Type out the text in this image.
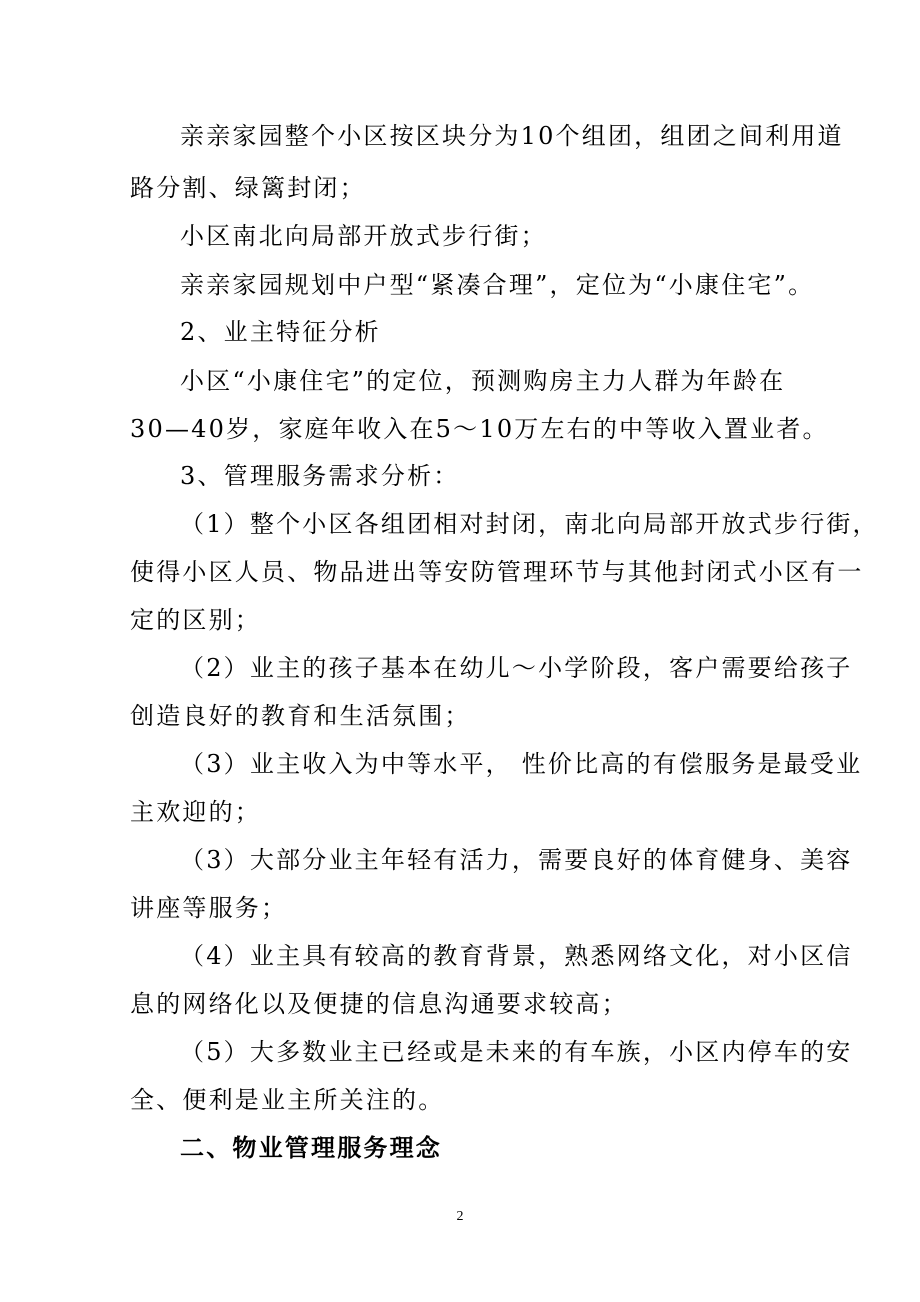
亲亲家园整个小区按区块分为10个组团，组团之间利用道
路分割、绿篱封闭；
小区南北向局部开放式步行街；
亲亲家园规划中户型“紧凑合理”，定位为“小康住宅”。
2、业主特征分析
小区“小康住宅”的定位，预测购房主力人群为年龄在
30—40岁，家庭年收入在5～10万左右的中等收入置业者。
3、管理服务需求分析：
（1）整个小区各组团相对封闭，南北向局部开放式步行街，
使得小区人员、物品进出等安防管理环节与其他封闭式小区有一
定的区别；
（2）业主的孩子基本在幼儿～小学阶段，客户需要给孩子
创造良好的教育和生活氛围；
（3）业主收入为中等水平， 性价比高的有偿服务是最受业
主欢迎的；
（3）大部分业主年轻有活力，需要良好的体育健身、美容
讲座等服务；
（4）业主具有较高的教育背景，熟悉网络文化，对小区信
息的网络化以及便捷的信息沟通要求较高；
（5）大多数业主已经或是未来的有车族，小区内停车的安
全、便利是业主所关注的。
二、物业管理服务理念
2
